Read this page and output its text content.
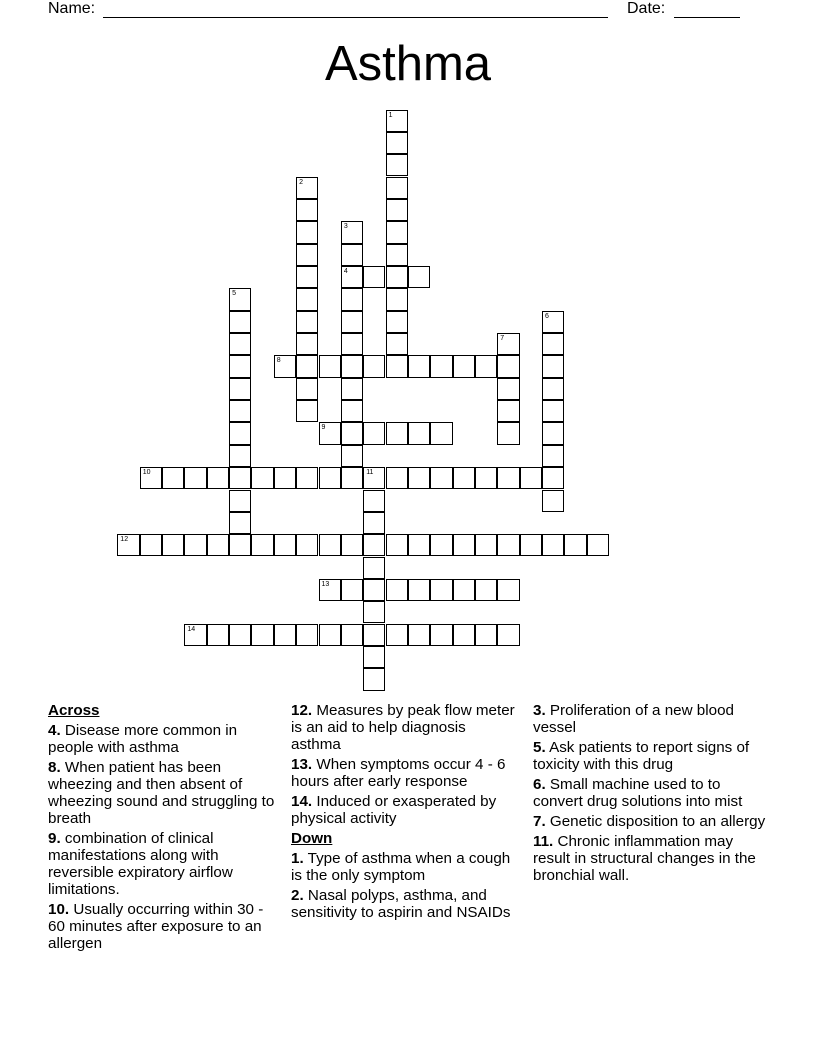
Name:	Date:
Asthma
1
2
3
4
5
6
7
8
9
10	11
12
13
14
Across
4. Disease more common in people with asthma
8. When patient has been wheezing and then absent of wheezing sound and struggling to breath
9. combination of clinical manifestations along with reversible expiratory airflow limitations.
10. Usually occurring within 30 - 60 minutes after exposure to an allergen
12. Measures by peak flow meter is an aid to help diagnosis asthma
13. When symptoms occur 4 - 6 hours after early response
14. Induced or exasperated by physical activity
Down
1. Type of asthma when a cough is the only symptom
2. Nasal polyps, asthma, and sensitivity to aspirin and NSAIDs
3. Proliferation of a new blood vessel
5. Ask patients to report signs of toxicity with this drug
6. Small machine used to to convert drug solutions into mist
7. Genetic disposition to an allergy
11. Chronic inflammation may result in structural changes in the bronchial wall.
